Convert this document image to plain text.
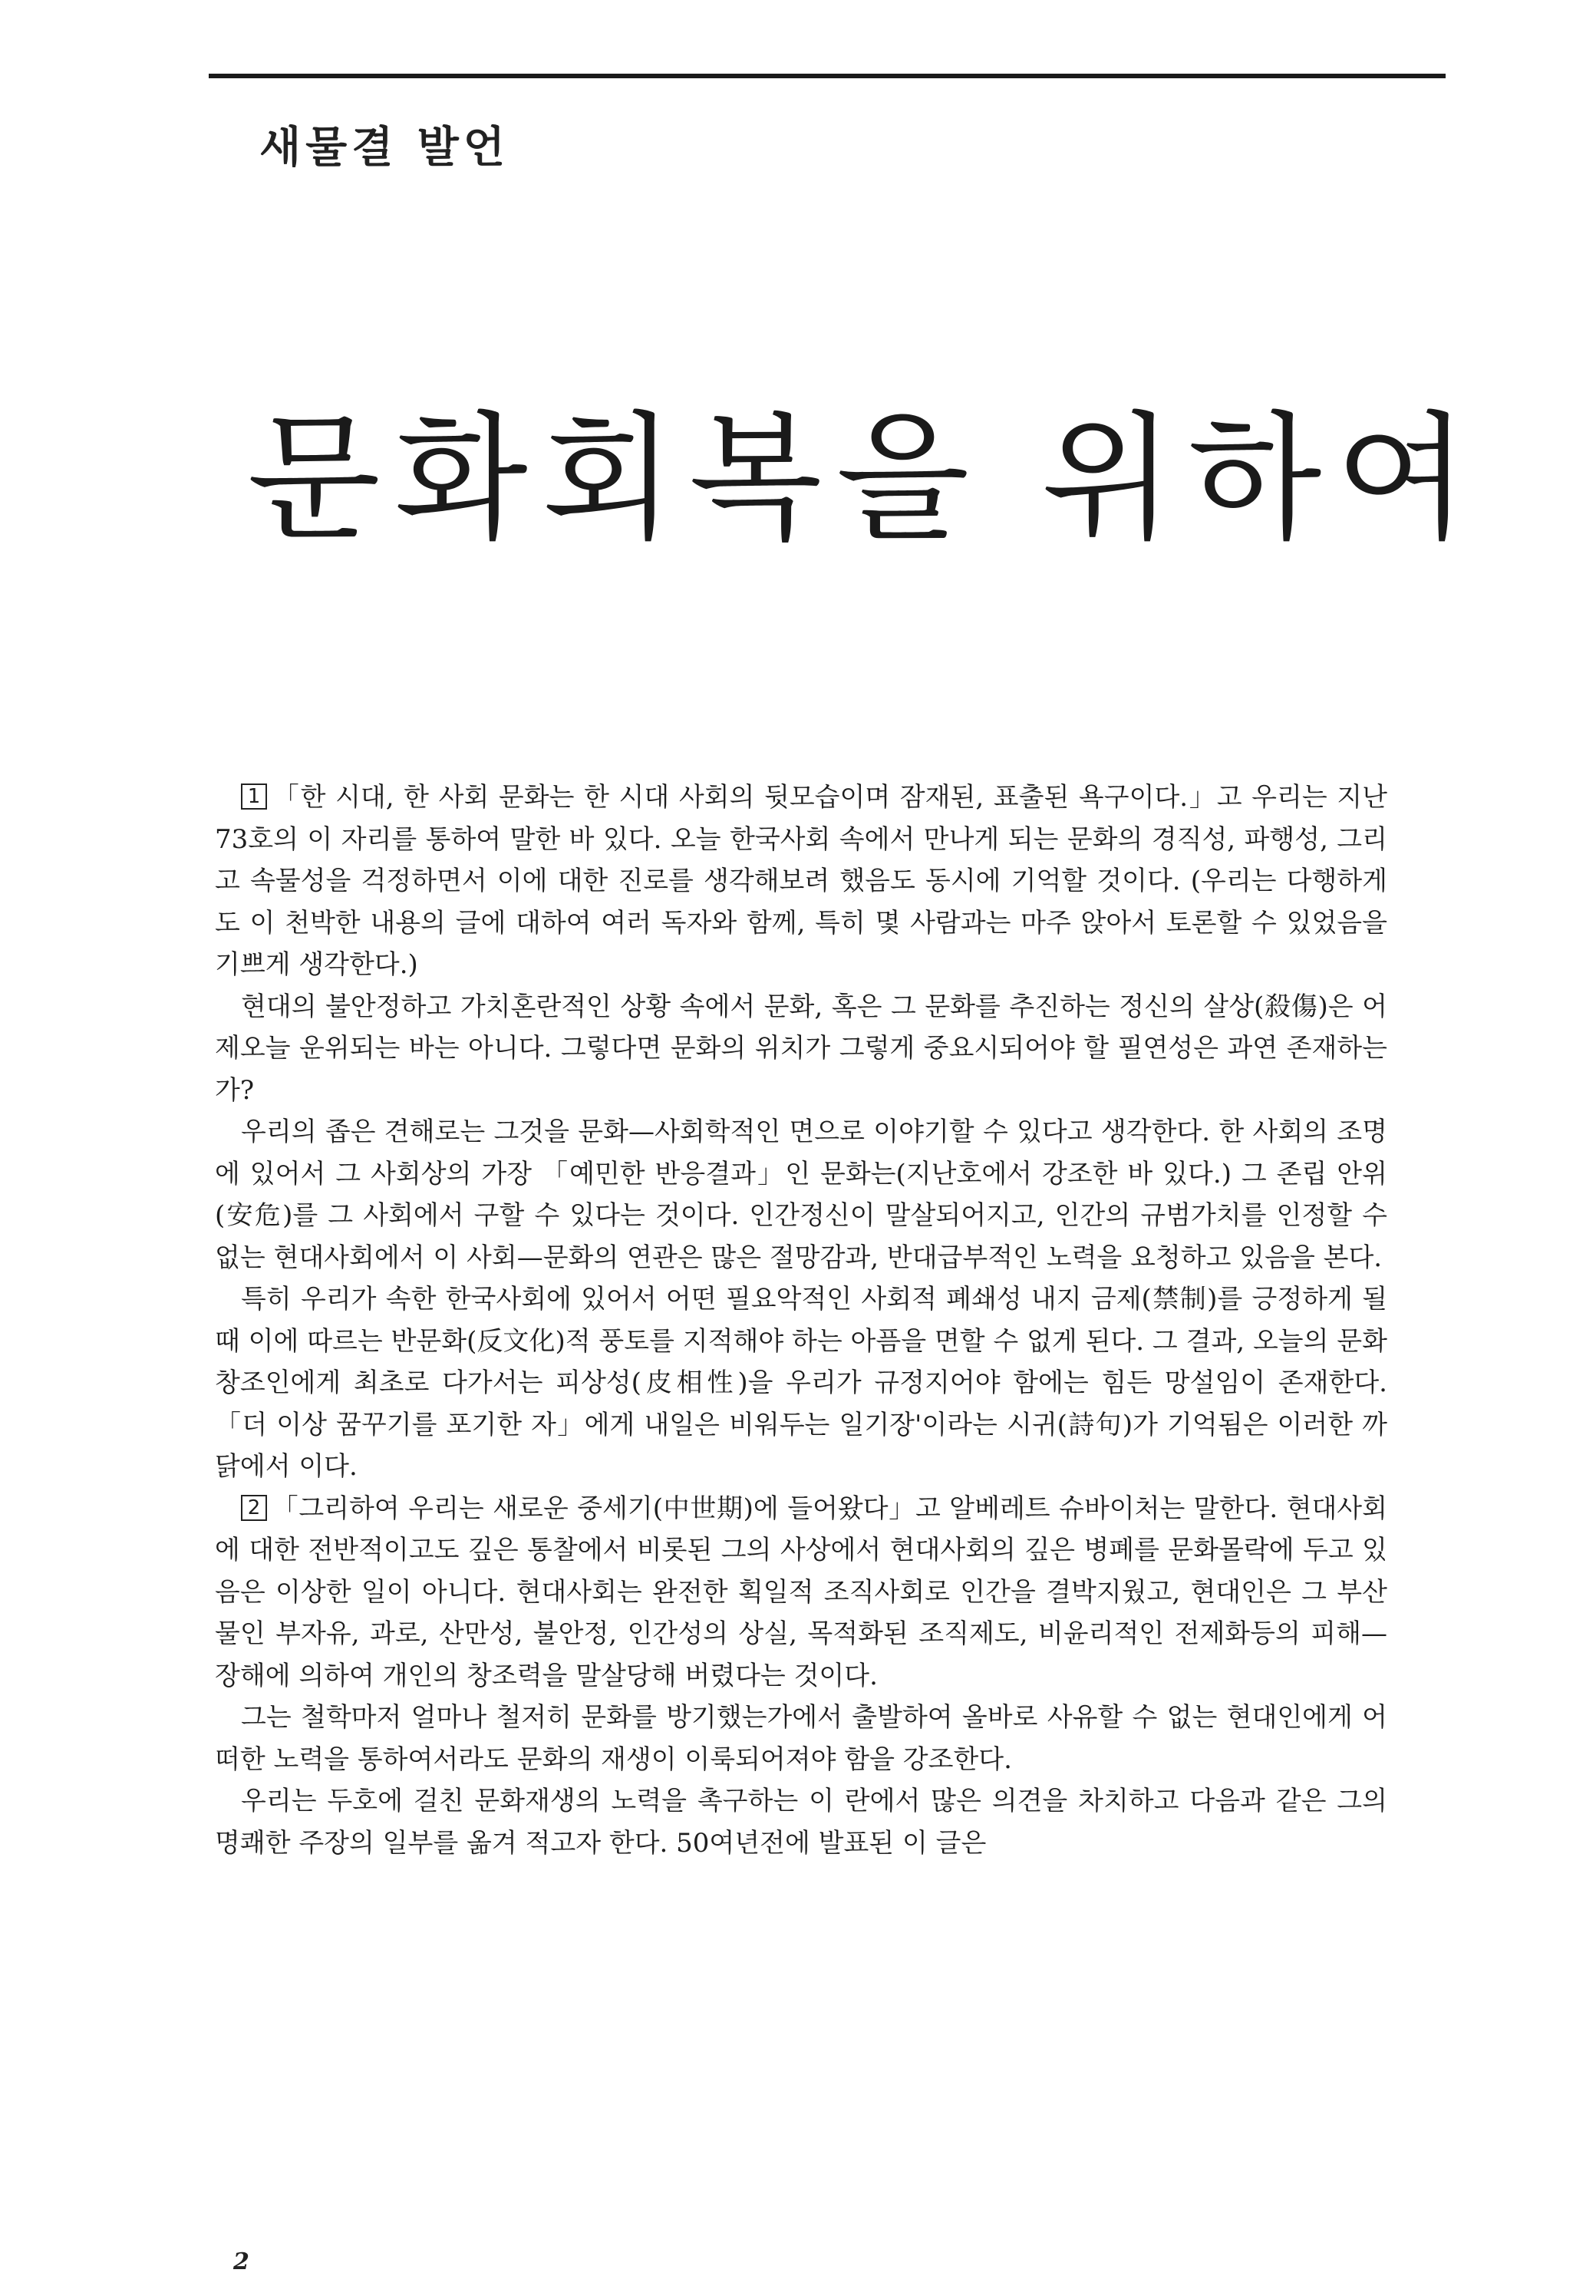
새물결 발언
문화회복을 위하여

1 「한 시대, 한 사회 문화는 한 시대 사회의 뒷모습이며 잠재된, 표출된 욕구이다.」고 우리는 지난 73호의 이 자리를 통하여 말한 바 있다. 오늘 한국사회 속에서 만나게 되는 문화의 경직성, 파행성, 그리고 속물성을 걱정하면서 이에 대한 진로를 생각해보려 했음도 동시에 기억할 것이다. (우리는 다행하게도 이 천박한 내용의 글에 대하여 여러 독자와 함께, 특히 몇 사람과는 마주 앉아서 토론할 수 있었음을 기쁘게 생각한다.)

현대의 불안정하고 가치혼란적인 상황 속에서 문화, 혹은 그 문화를 추진하는 정신의 살상(殺傷)은 어제오늘 운위되는 바는 아니다. 그렇다면 문화의 위치가 그렇게 중요시되어야 할 필연성은 과연 존재하는가?

우리의 좁은 견해로는 그것을 문화—사회학적인 면으로 이야기할 수 있다고 생각한다. 한 사회의 조명에 있어서 그 사회상의 가장 「예민한 반응결과」인 문화는(지난호에서 강조한 바 있다.) 그 존립 안위(安危)를 그 사회에서 구할 수 있다는 것이다. 인간정신이 말살되어지고, 인간의 규범가치를 인정할 수 없는 현대사회에서 이 사회—문화의 연관은 많은 절망감과, 반대급부적인 노력을 요청하고 있음을 본다.

특히 우리가 속한 한국사회에 있어서 어떤 필요악적인 사회적 폐쇄성 내지 금제(禁制)를 긍정하게 될 때 이에 따르는 반문화(反文化)적 풍토를 지적해야 하는 아픔을 면할 수 없게 된다. 그 결과, 오늘의 문화창조인에게 최초로 다가서는 피상성(皮相性)을 우리가 규정지어야 함에는 힘든 망설임이 존재한다. 「더 이상 꿈꾸기를 포기한 자」에게 내일은 비워두는 일기장'이라는 시귀(詩句)가 기억됨은 이러한 까닭에서 이다.

2 「그리하여 우리는 새로운 중세기(中世期)에 들어왔다」고 알베레트 슈바이처는 말한다. 현대사회에 대한 전반적이고도 깊은 통찰에서 비롯된 그의 사상에서 현대사회의 깊은 병폐를 문화몰락에 두고 있음은 이상한 일이 아니다. 현대사회는 완전한 획일적 조직사회로 인간을 결박지웠고, 현대인은 그 부산물인 부자유, 과로, 산만성, 불안정, 인간성의 상실, 목적화된 조직제도, 비윤리적인 전제화등의 피해—장해에 의하여 개인의 창조력을 말살당해 버렸다는 것이다.

그는 철학마저 얼마나 철저히 문화를 방기했는가에서 출발하여 올바로 사유할 수 없는 현대인에게 어떠한 노력을 통하여서라도 문화의 재생이 이룩되어져야 함을 강조한다.

우리는 두호에 걸친 문화재생의 노력을 촉구하는 이 란에서 많은 의견을 차치하고 다음과 같은 그의 명쾌한 주장의 일부를 옮겨 적고자 한다. 50여년전에 발표된 이 글은

2
